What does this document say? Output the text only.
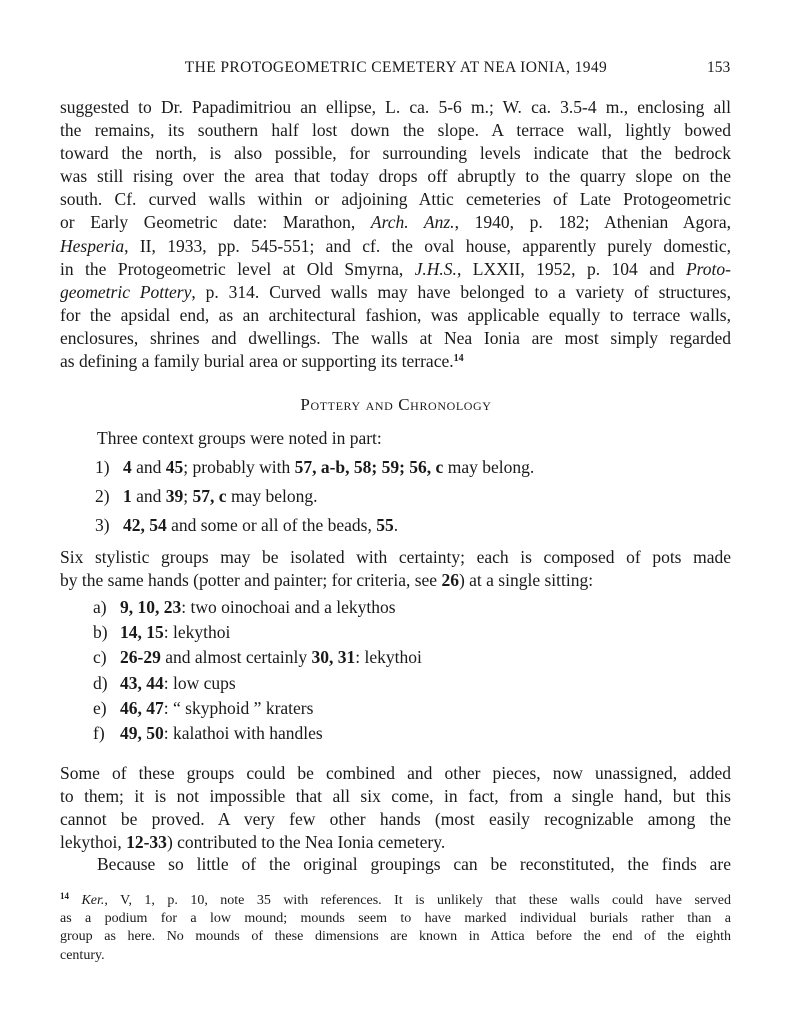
THE PROTOGEOMETRIC CEMETERY AT NEA IONIA, 1949	153
suggested to Dr. Papadimitriou an ellipse, L. ca. 5-6 m.; W. ca. 3.5-4 m., enclosing all
the remains, its southern half lost down the slope. A terrace wall, lightly bowed
toward the north, is also possible, for surrounding levels indicate that the bedrock
was still rising over the area that today drops off abruptly to the quarry slope on the
south. Cf. curved walls within or adjoining Attic cemeteries of Late Protogeometric
or Early Geometric date: Marathon, Arch. Anz., 1940, p. 182; Athenian Agora,
Hesperia, II, 1933, pp. 545-551; and cf. the oval house, apparently purely domestic,
in the Protogeometric level at Old Smyrna, J.H.S., LXXII, 1952, p. 104 and Proto-
geometric Pottery, p. 314. Curved walls may have belonged to a variety of structures,
for the apsidal end, as an architectural fashion, was applicable equally to terrace walls,
enclosures, shrines and dwellings. The walls at Nea Ionia are most simply regarded
as defining a family burial area or supporting its terrace.$^{14}$
Pottery and Chronology
Three context groups were noted in part:
1) 4 and 45; probably with 57, a-b, 58; 59; 56, c may belong.
2) 1 and 39; 57, c may belong.
3) 42, 54 and some or all of the beads, 55.
Six stylistic groups may be isolated with certainty; each is composed of pots made
by the same hands (potter and painter; for criteria, see 26) at a single sitting:
a) 9, 10, 23: two oinochoai and a lekythos
b) 14, 15: lekythoi
c) 26-29 and almost certainly 30, 31: lekythoi
d) 43, 44: low cups
e) 46, 47: “ skyphoid ” kraters
f) 49, 50: kalathoi with handles
Some of these groups could be combined and other pieces, now unassigned, added
to them; it is not impossible that all six come, in fact, from a single hand, but this
cannot be proved. A very few other hands (most easily recognizable among the
lekythoi, 12-33) contributed to the Nea Ionia cemetery.
Because so little of the original groupings can be reconstituted, the finds are
$^{14}$ Ker., V, 1, p. 10, note 35 with references. It is unlikely that these walls could have served
as a podium for a low mound; mounds seem to have marked individual burials rather than a
group as here. No mounds of these dimensions are known in Attica before the end of the eighth
century.
